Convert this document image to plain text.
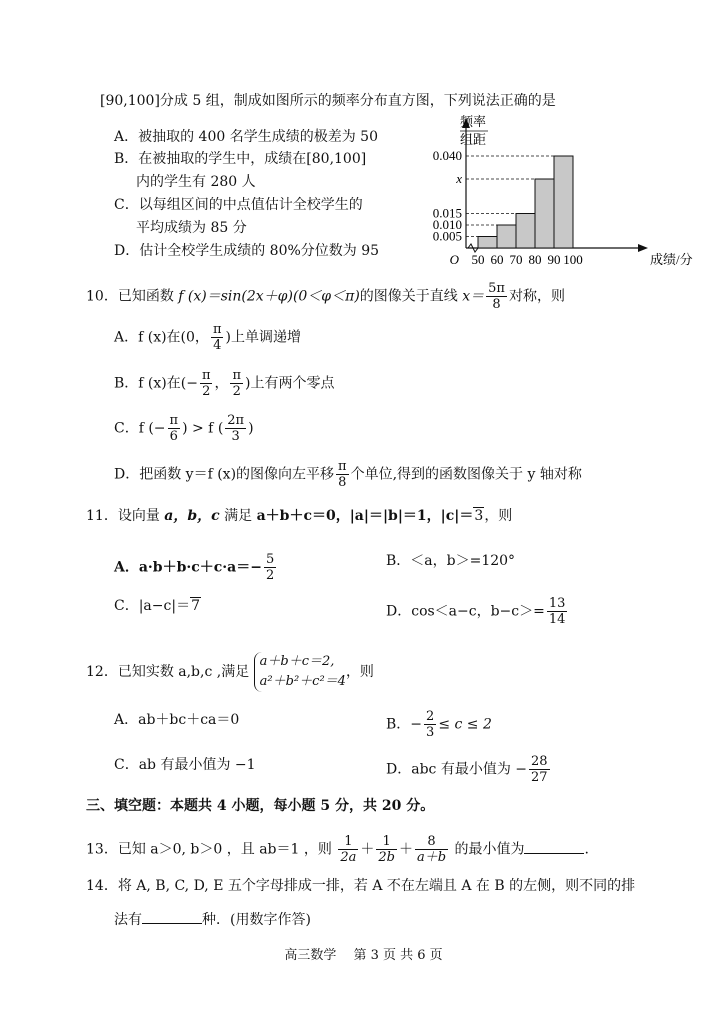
[90,100]分成 5 组，制成如图所示的频率分布直方图，下列说法正确的是
A．被抽取的 400 名学生成绩的极差为 50
B．在被抽取的学生中，成绩在[80,100]
内的学生有 280 人
C．以每组区间的中点值估计全校学生的
平均成绩为 85 分
D．估计全校学生成绩的 80%分位数为 95
0.040
x
0.015
0.010
0.005
50 60 70 80 90 100
O	成绩/分
频率
组距
10．已知函数 f (x)＝sin(2x＋φ)(0＜φ＜π)的图像关于直线 $x= \frac{5\pi}{8}$ 对称，则
A．f (x)在(0， $\frac{\pi}{4}$ )上单调递增
B．f (x)在(− $\frac{\pi}{2}$ ， $\frac{\pi}{2}$ )上有两个零点
C．f (− $\frac{\pi}{6}$ ) > f ( $\frac{2\pi}{3}$ )
D．把函数 y＝f (x)的图像向左平移 $\frac{\pi}{8}$ 个单位,得到的函数图像关于 y 轴对称
11．设向量 a，b，c 满足 a＋b＋c＝0，|a|＝|b|＝1，|c|＝3，则
A．$a\cdot b+b\cdot c+c\cdot a=- \frac{5}{2}$	B．＜a，b＞=120°
C．|a−c|＝7	D．cos＜a−c，$b-c>= \frac{13}{14}$
12．已知实数 a,b,c ,满足
a＋b＋c＝2,
a²＋b²＋c²＝4
，则
A．ab＋bc＋ca＝0	B．− $\frac{2}{3} \le c \le 2$
C．ab 有最小值为 −1	D．abc 有最小值为 − $\frac{28}{27}$
三、填空题：本题共 4 小题，每小题 5 分，共 20 分。
13．已知 a＞0, b＞0 ，且 ab＝1 ，则 $\frac{1}{2a} + \frac{1}{2b} + \frac{8}{a+b}$ 的最小值为	.
14．将 A, B, C, D, E 五个字母排成一排，若 A 不在左端且 A 在 B 的左侧，则不同的排
法有	种．(用数字作答)
高三数学　 第 3 页 共 6 页
